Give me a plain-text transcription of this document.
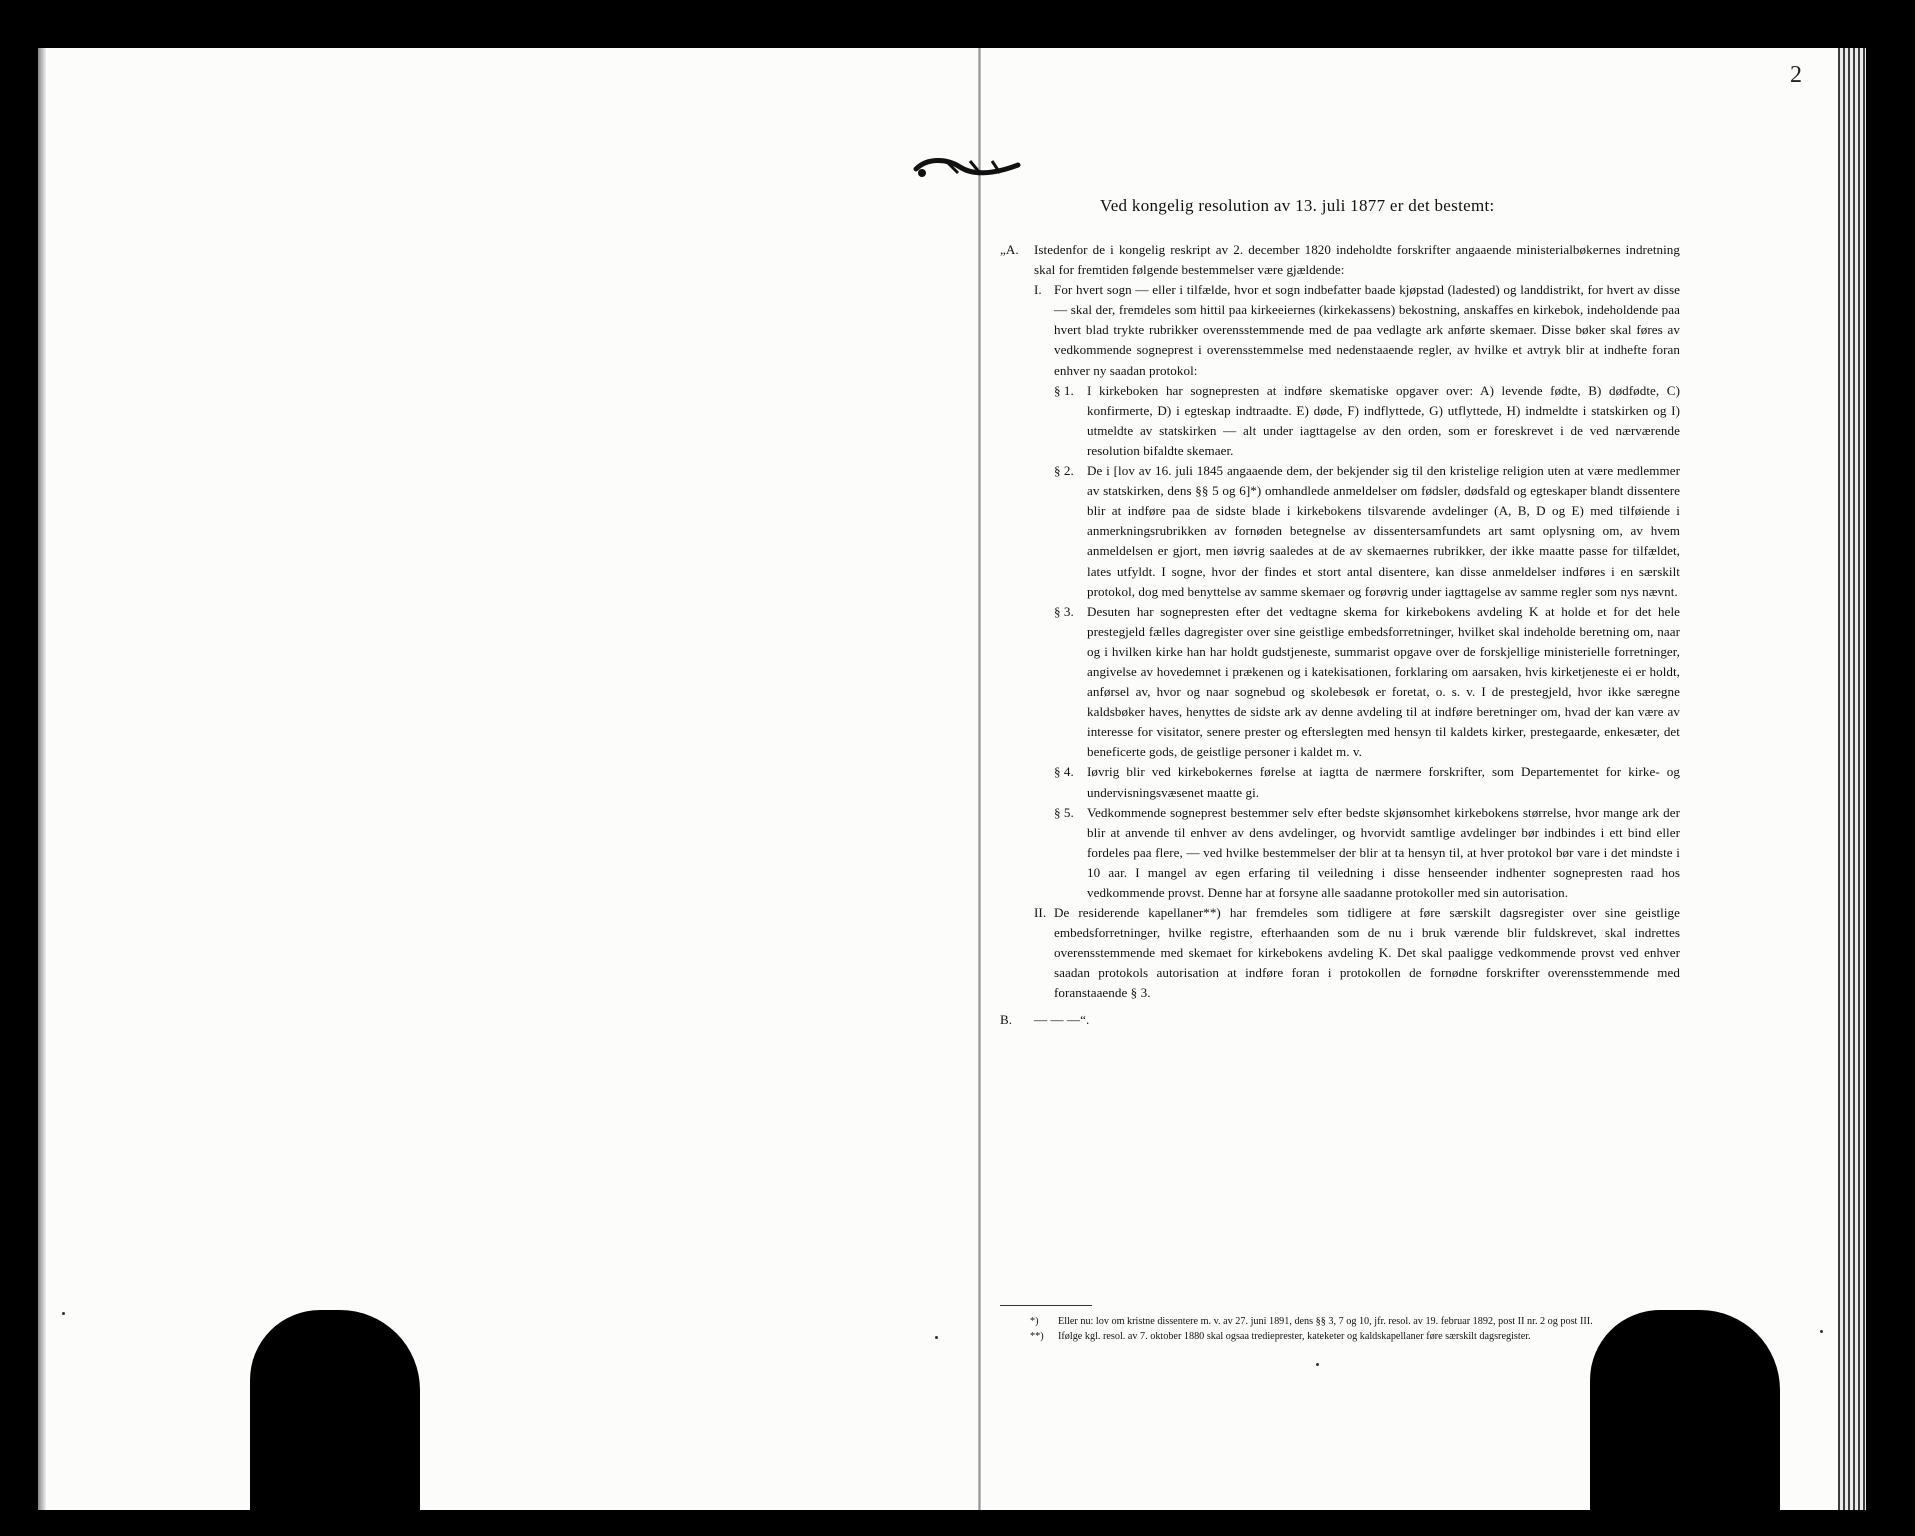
2
Ved kongelig resolution av 13. juli 1877 er det bestemt:
„A.	Istedenfor de i kongelig reskript av 2. december 1820 indeholdte forskrifter angaaende ministerialbøkernes indretning skal for fremtiden følgende bestemmelser være gjældende:
I. For hvert sogn — eller i tilfælde, hvor et sogn indbefatter baade kjøpstad (ladested) og landdistrikt, for hvert av disse — skal der, fremdeles som hittil paa kirkeeiernes (kirkekassens) bekostning, anskaffes en kirkebok, indeholdende paa hvert blad trykte rubrikker overensstemmende med de paa vedlagte ark anførte skemaer. Disse bøker skal føres av vedkommende sogneprest i overensstemmelse med nedenstaaende regler, av hvilke et avtryk blir at indhefte foran enhver ny saadan protokol:
§ 1.	I kirkeboken har sognepresten at indføre skematiske opgaver over: A) levende fødte, B) dødfødte, C) konfirmerte, D) i egteskap indtraadte. E) døde, F) indflyttede, G) utflyttede, H) indmeldte i statskirken og I) utmeldte av statskirken — alt under iagttagelse av den orden, som er foreskrevet i de ved nærværende resolution bifaldte skemaer.
§ 2.	De i [lov av 16. juli 1845 angaaende dem, der bekjender sig til den kristelige religion uten at være medlemmer av statskirken, dens §§ 5 og 6]*) omhandlede anmeldelser om fødsler, dødsfald og egteskaper blandt dissentere blir at indføre paa de sidste blade i kirkebokens tilsvarende avdelinger (A, B, D og E) med tilføiende i anmerkningsrubrikken av fornøden betegnelse av dissentersamfundets art samt oplysning om, av hvem anmeldelsen er gjort, men iøvrig saaledes at de av skemaernes rubrikker, der ikke maatte passe for tilfældet, lates utfyldt. I sogne, hvor der findes et stort antal disentere, kan disse anmeldelser indføres i en særskilt protokol, dog med benyttelse av samme skemaer og forøvrig under iagttagelse av samme regler som nys nævnt.
§ 3.	Desuten har sognepresten efter det vedtagne skema for kirkebokens avdeling K at holde et for det hele prestegjeld fælles dagregister over sine geistlige embedsforretninger, hvilket skal indeholde beretning om, naar og i hvilken kirke han har holdt gudstjeneste, summarist opgave over de forskjellige ministerielle forretninger, angivelse av hovedemnet i prækenen og i katekisationen, forklaring om aarsaken, hvis kirketjeneste ei er holdt, anførsel av, hvor og naar sognebud og skolebesøk er foretat, o. s. v. I de prestegjeld, hvor ikke særegne kaldsbøker haves, henyttes de sidste ark av denne avdeling til at indføre beretninger om, hvad der kan være av interesse for visitator, senere prester og efterslegten med hensyn til kaldets kirker, prestegaarde, enkesæter, det beneficerte gods, de geistlige personer i kaldet m. v.
§ 4.	Iøvrig blir ved kirkebokernes førelse at iagtta de nærmere forskrifter, som Departementet for kirke- og undervisningsvæsenet maatte gi.
§ 5.	Vedkommende sogneprest bestemmer selv efter bedste skjønsomhet kirkebokens størrelse, hvor mange ark der blir at anvende til enhver av dens avdelinger, og hvorvidt samtlige avdelinger bør indbindes i ett bind eller fordeles paa flere, — ved hvilke bestemmelser der blir at ta hensyn til, at hver protokol bør vare i det mindste i 10 aar. I mangel av egen erfaring til veiledning i disse henseender indhenter sognepresten raad hos vedkommende provst. Denne har at forsyne alle saadanne protokoller med sin autorisation.
II. De residerende kapellaner**) har fremdeles som tidligere at føre særskilt dagsregister over sine geistlige embedsforretninger, hvilke registre, efterhaanden som de nu i bruk værende blir fuldskrevet, skal indrettes overensstemmende med skemaet for kirkebokens avdeling K. Det skal paaligge vedkommende provst ved enhver saadan protokols autorisation at indføre foran i protokollen de fornødne forskrifter overensstemmende med foranstaaende § 3.
B.	— — —“.
*)	Eller nu: lov om kristne dissentere m. v. av 27. juni 1891, dens §§ 3, 7 og 10, jfr. resol. av 19. februar 1892, post II nr. 2 og post III.
**)	Ifølge kgl. resol. av 7. oktober 1880 skal ogsaa tredieprester, kateketer og kaldskapellaner føre særskilt dagsregister.
